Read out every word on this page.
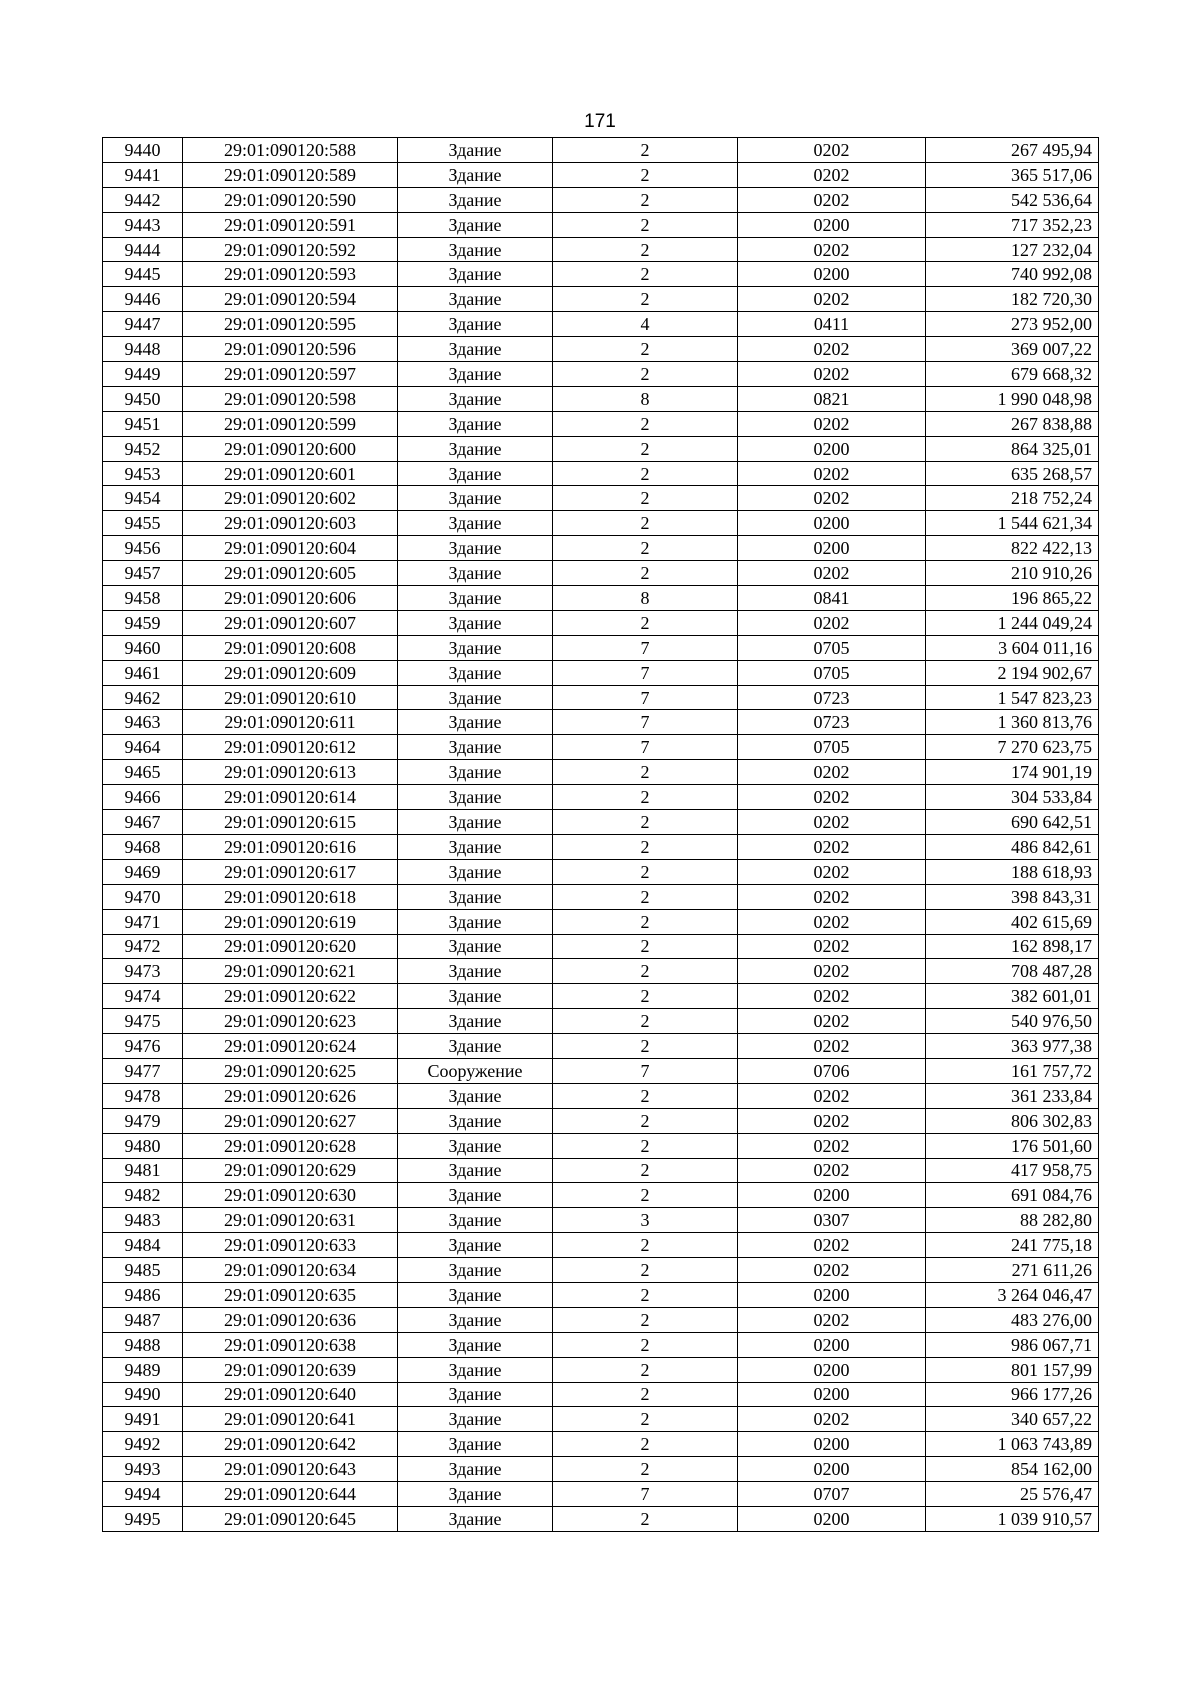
171
9440	29:01:090120:588	Здание	2	0202	267 495,94
9441	29:01:090120:589	Здание	2	0202	365 517,06
9442	29:01:090120:590	Здание	2	0202	542 536,64
9443	29:01:090120:591	Здание	2	0200	717 352,23
9444	29:01:090120:592	Здание	2	0202	127 232,04
9445	29:01:090120:593	Здание	2	0200	740 992,08
9446	29:01:090120:594	Здание	2	0202	182 720,30
9447	29:01:090120:595	Здание	4	0411	273 952,00
9448	29:01:090120:596	Здание	2	0202	369 007,22
9449	29:01:090120:597	Здание	2	0202	679 668,32
9450	29:01:090120:598	Здание	8	0821	1 990 048,98
9451	29:01:090120:599	Здание	2	0202	267 838,88
9452	29:01:090120:600	Здание	2	0200	864 325,01
9453	29:01:090120:601	Здание	2	0202	635 268,57
9454	29:01:090120:602	Здание	2	0202	218 752,24
9455	29:01:090120:603	Здание	2	0200	1 544 621,34
9456	29:01:090120:604	Здание	2	0200	822 422,13
9457	29:01:090120:605	Здание	2	0202	210 910,26
9458	29:01:090120:606	Здание	8	0841	196 865,22
9459	29:01:090120:607	Здание	2	0202	1 244 049,24
9460	29:01:090120:608	Здание	7	0705	3 604 011,16
9461	29:01:090120:609	Здание	7	0705	2 194 902,67
9462	29:01:090120:610	Здание	7	0723	1 547 823,23
9463	29:01:090120:611	Здание	7	0723	1 360 813,76
9464	29:01:090120:612	Здание	7	0705	7 270 623,75
9465	29:01:090120:613	Здание	2	0202	174 901,19
9466	29:01:090120:614	Здание	2	0202	304 533,84
9467	29:01:090120:615	Здание	2	0202	690 642,51
9468	29:01:090120:616	Здание	2	0202	486 842,61
9469	29:01:090120:617	Здание	2	0202	188 618,93
9470	29:01:090120:618	Здание	2	0202	398 843,31
9471	29:01:090120:619	Здание	2	0202	402 615,69
9472	29:01:090120:620	Здание	2	0202	162 898,17
9473	29:01:090120:621	Здание	2	0202	708 487,28
9474	29:01:090120:622	Здание	2	0202	382 601,01
9475	29:01:090120:623	Здание	2	0202	540 976,50
9476	29:01:090120:624	Здание	2	0202	363 977,38
9477	29:01:090120:625	Сооружение	7	0706	161 757,72
9478	29:01:090120:626	Здание	2	0202	361 233,84
9479	29:01:090120:627	Здание	2	0202	806 302,83
9480	29:01:090120:628	Здание	2	0202	176 501,60
9481	29:01:090120:629	Здание	2	0202	417 958,75
9482	29:01:090120:630	Здание	2	0200	691 084,76
9483	29:01:090120:631	Здание	3	0307	88 282,80
9484	29:01:090120:633	Здание	2	0202	241 775,18
9485	29:01:090120:634	Здание	2	0202	271 611,26
9486	29:01:090120:635	Здание	2	0200	3 264 046,47
9487	29:01:090120:636	Здание	2	0202	483 276,00
9488	29:01:090120:638	Здание	2	0200	986 067,71
9489	29:01:090120:639	Здание	2	0200	801 157,99
9490	29:01:090120:640	Здание	2	0200	966 177,26
9491	29:01:090120:641	Здание	2	0202	340 657,22
9492	29:01:090120:642	Здание	2	0200	1 063 743,89
9493	29:01:090120:643	Здание	2	0200	854 162,00
9494	29:01:090120:644	Здание	7	0707	25 576,47
9495	29:01:090120:645	Здание	2	0200	1 039 910,57
